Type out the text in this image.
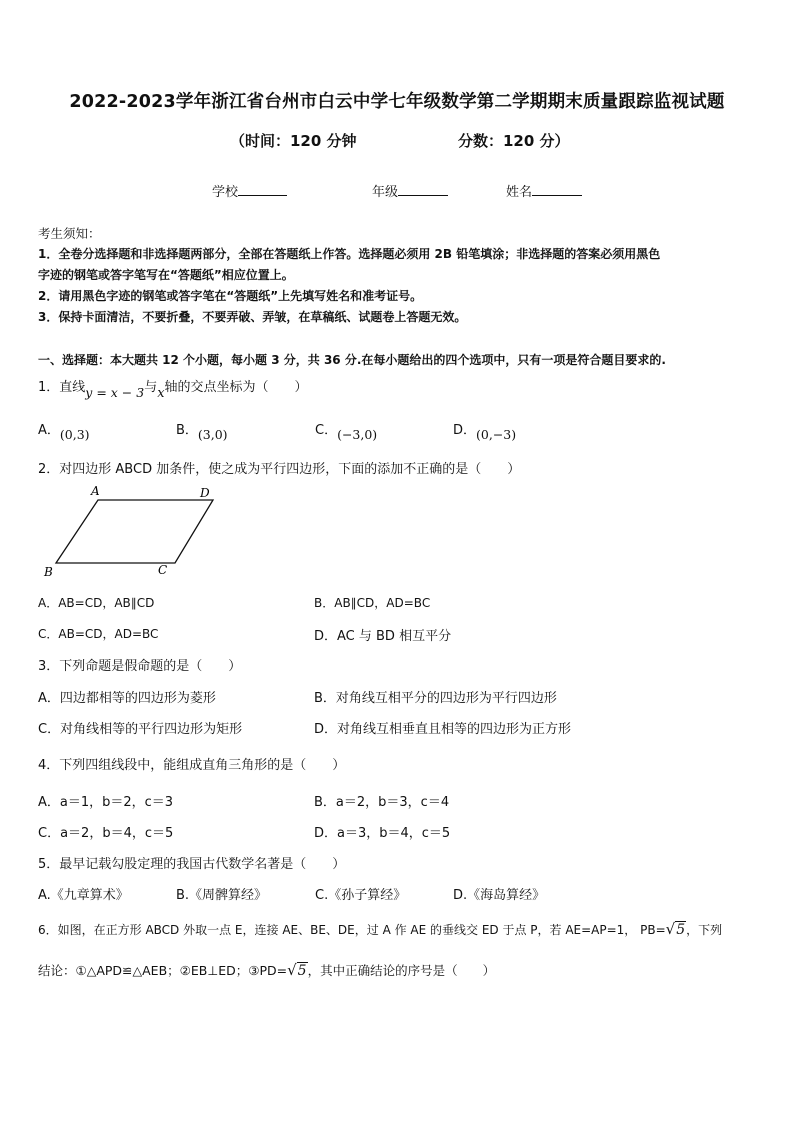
2022-2023学年浙江省台州市白云中学七年级数学第二学期期末质量跟踪监视试题
（时间：120 分钟	分数：120 分）
学校	年级	姓名
考生须知：
1．全卷分选择题和非选择题两部分，全部在答题纸上作答。选择题必须用 2B 铅笔填涂；非选择题的答案必须用黑色
字迹的钢笔或答字笔写在“答题纸”相应位置上。
2．请用黑色字迹的钢笔或答字笔在“答题纸”上先填写姓名和准考证号。
3．保持卡面清洁，不要折叠，不要弄破、弄皱，在草稿纸、试题卷上答题无效。
一、选择题：本大题共 12 个小题，每小题 3 分，共 36 分.在每小题给出的四个选项中，只有一项是符合题目要求的.
1．直线y = x − 3与x轴的交点坐标为（　　）
A．$_{(0,3)}$	B．$_{(3,0)}$	C．$_{(-3,0)}$	D．$_{(0,-3)}$
2．对四边形 ABCD 加条件，使之成为平行四边形，下面的添加不正确的是（　　）
A	D
B	C
A．AB=CD，AB∥CD	B．AB∥CD，AD=BC
C．AB=CD，AD=BC	D．AC 与 BD 相互平分
3．下列命题是假命题的是（　　）
A．四边都相等的四边形为菱形	B．对角线互相平分的四边形为平行四边形
C．对角线相等的平行四边形为矩形	D．对角线互相垂直且相等的四边形为正方形
4．下列四组线段中，能组成直角三角形的是（　　）
A．a＝1，b＝2，c＝3	B．a＝2，b＝3，c＝4
C．a＝2，b＝4，c＝5	D．a＝3，b＝4，c＝5
5．最早记载勾股定理的我国古代数学名著是（　　）
A.《九章算术》	B.《周髀算经》	C.《孙子算经》	D.《海岛算经》
6．如图，在正方形 ABCD 外取一点 E，连接 AE、BE、DE，过 A 作 AE 的垂线交 ED 于点 P，若 AE=AP=1， PB=√5，下列
结论：①△APD≌△AEB；②EB⊥ED；③PD=√5，其中正确结论的序号是（　　）
